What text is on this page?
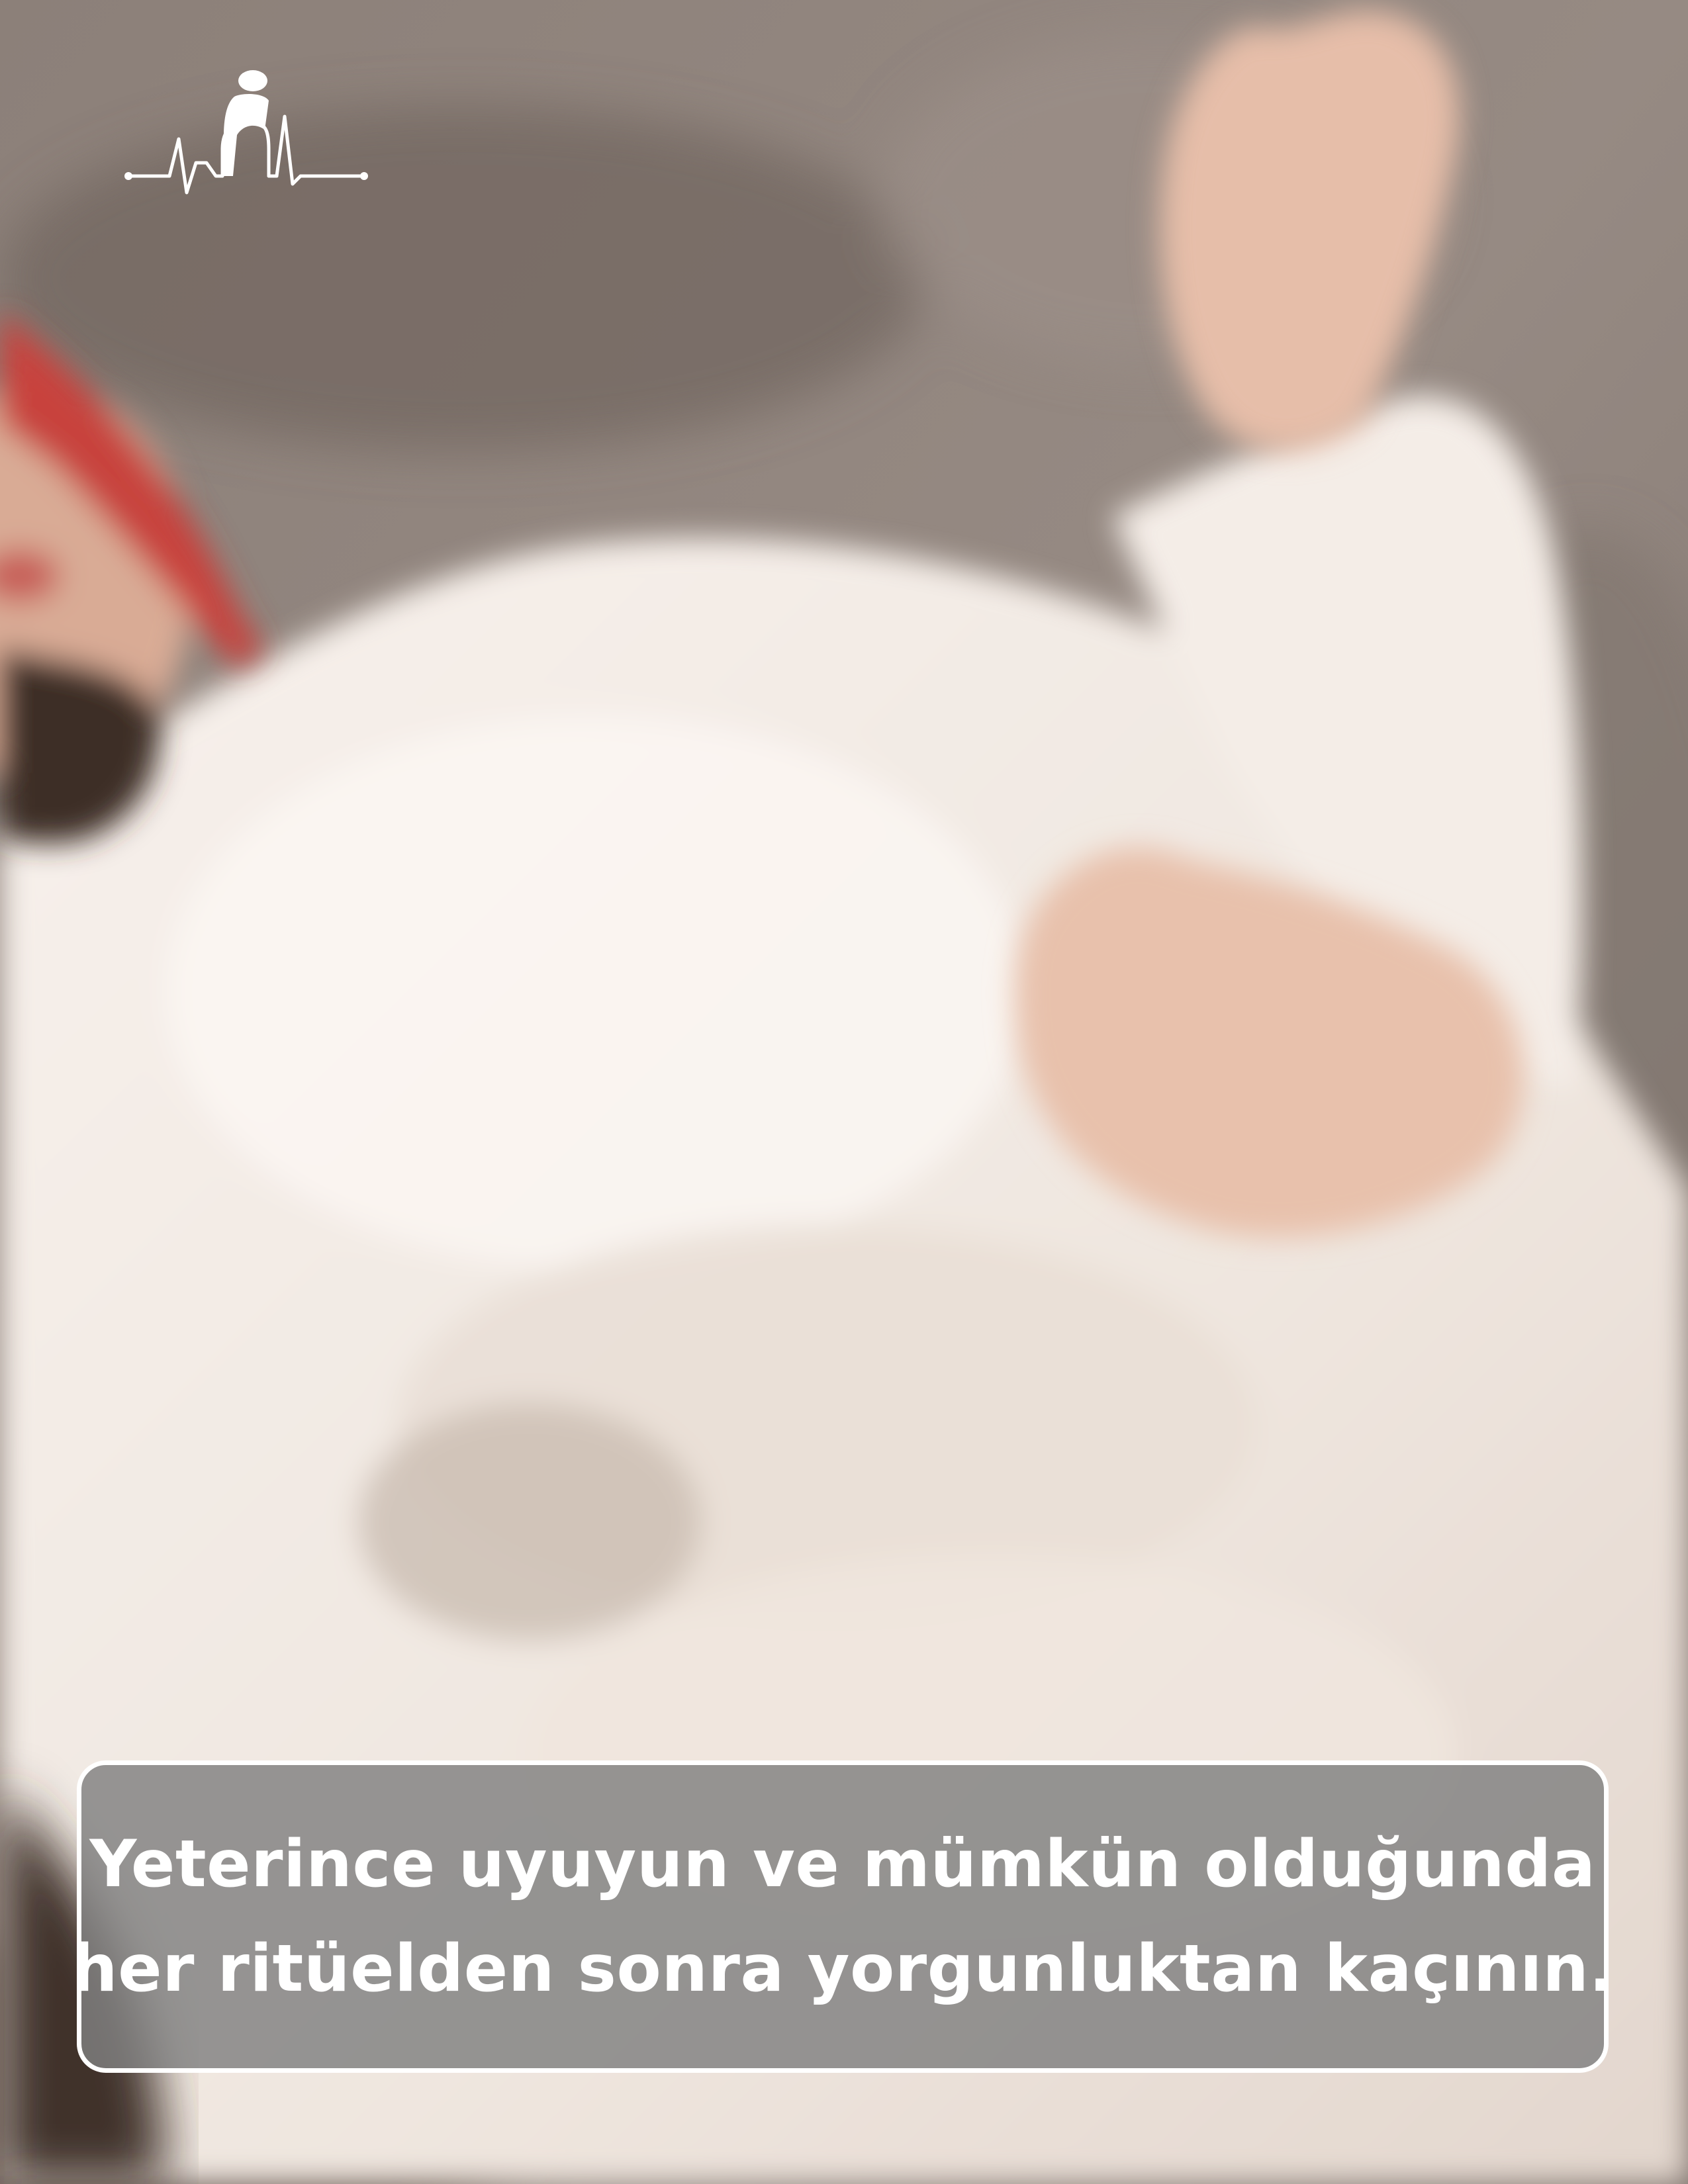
Yeterince uyuyun ve mümkün olduğunda
her ritüelden sonra yorgunluktan kaçının.
